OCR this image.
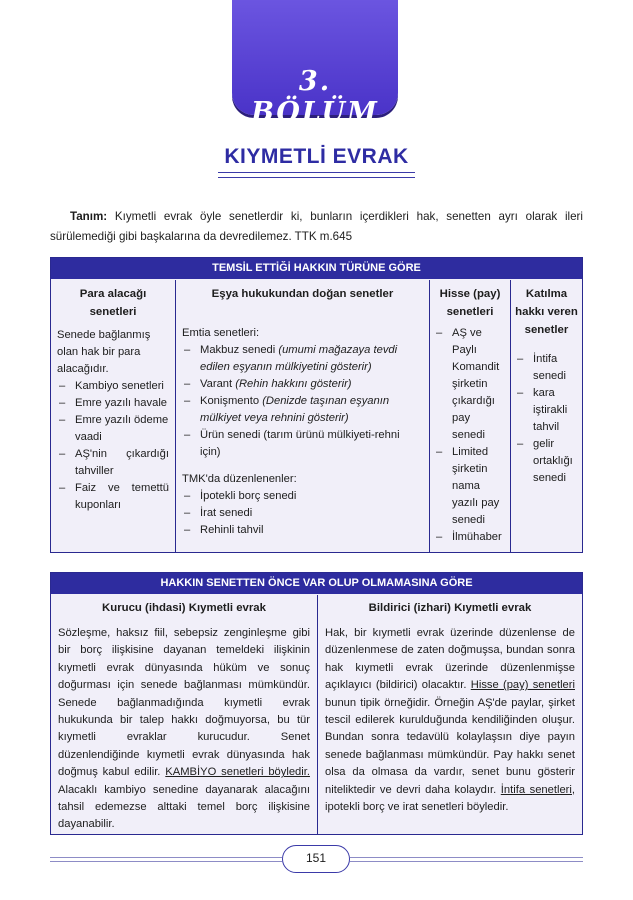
3. BÖLÜM
KIYMETLİ EVRAK

Tanım: Kıymetli evrak öyle senetlerdir ki, bunların içerdikleri hak, senetten ayrı olarak ileri sürülemediği gibi başkalarına da devredilemez. TTK m.645

TEMSİL ETTİĞİ HAKKIN TÜRÜNE GÖRE
Para alacağı senetleri
Senede bağlanmış olan hak bir para alacağıdır.
– Kambiyo senetleri
– Emre yazılı havale
– Emre yazılı ödeme vaadi
– AŞ'nin çıkardığı tahviller
– Faiz ve temettü kuponları
Eşya hukukundan doğan senetler
Emtia senetleri:
– Makbuz senedi (umumi mağazaya tevdi edilen eşyanın mülkiyetini gösterir)
– Varant (Rehin hakkını gösterir)
– Konişmento (Denizde taşınan eşyanın mülkiyet veya rehnini gösterir)
– Ürün senedi (tarım ürünü mülkiyeti-rehni için)
TMK'da düzenlenenler:
– İpotekli borç senedi
– İrat senedi
– Rehinli tahvil
Hisse (pay) senetleri
– AŞ ve Paylı Komandit şirketin çıkardığı pay senedi
– Limited şirketin nama yazılı pay senedi
– İlmühaber
Katılma hakkı veren senetler
– İntifa senedi
– kara iştirakli tahvil
– gelir ortaklığı senedi
HAKKIN SENETTEN ÖNCE VAR OLUP OLMAMASINA GÖRE
Kurucu (ihdasi) Kıymetli evrak
Sözleşme, haksız fiil, sebepsiz zenginleşme gibi bir borç ilişkisine dayanan temeldeki ilişkinin kıymetli evrak dünyasında hüküm ve sonuç doğurması için senede bağlanması mümkündür. Senede bağlanmadığında kıymetli evrak hukukunda bir talep hakkı doğmuyorsa, bu tür kıymetli evraklar kurucudur. Senet düzenlendiğinde kıymetli evrak dünyasında hak doğmuş kabul edilir. KAMBİYO senetleri böyledir. Alacaklı kambiyo senedine dayanarak alacağını tahsil edemezse alttaki temel borç ilişkisine dayanabilir.
Bildirici (izhari) Kıymetli evrak
Hak, bir kıymetli evrak üzerinde düzenlense de düzenlenmese de zaten doğmuşsa, bundan sonra hak kıymetli evrak üzerinde düzenlenmişse açıklayıcı (bildirici) olacaktır. Hisse (pay) senetleri bunun tipik örneğidir. Örneğin AŞ'de paylar, şirket tescil edilerek kurulduğunda kendiliğinden oluşur. Bundan sonra tedavülü kolaylaşsın diye payın senede bağlanması mümkündür. Pay hakkı senet olsa da olmasa da vardır, senet bunu gösterir niteliktedir ve devri daha kolaydır. İntifa senetleri, ipotekli borç ve irat senetleri böyledir.
151
